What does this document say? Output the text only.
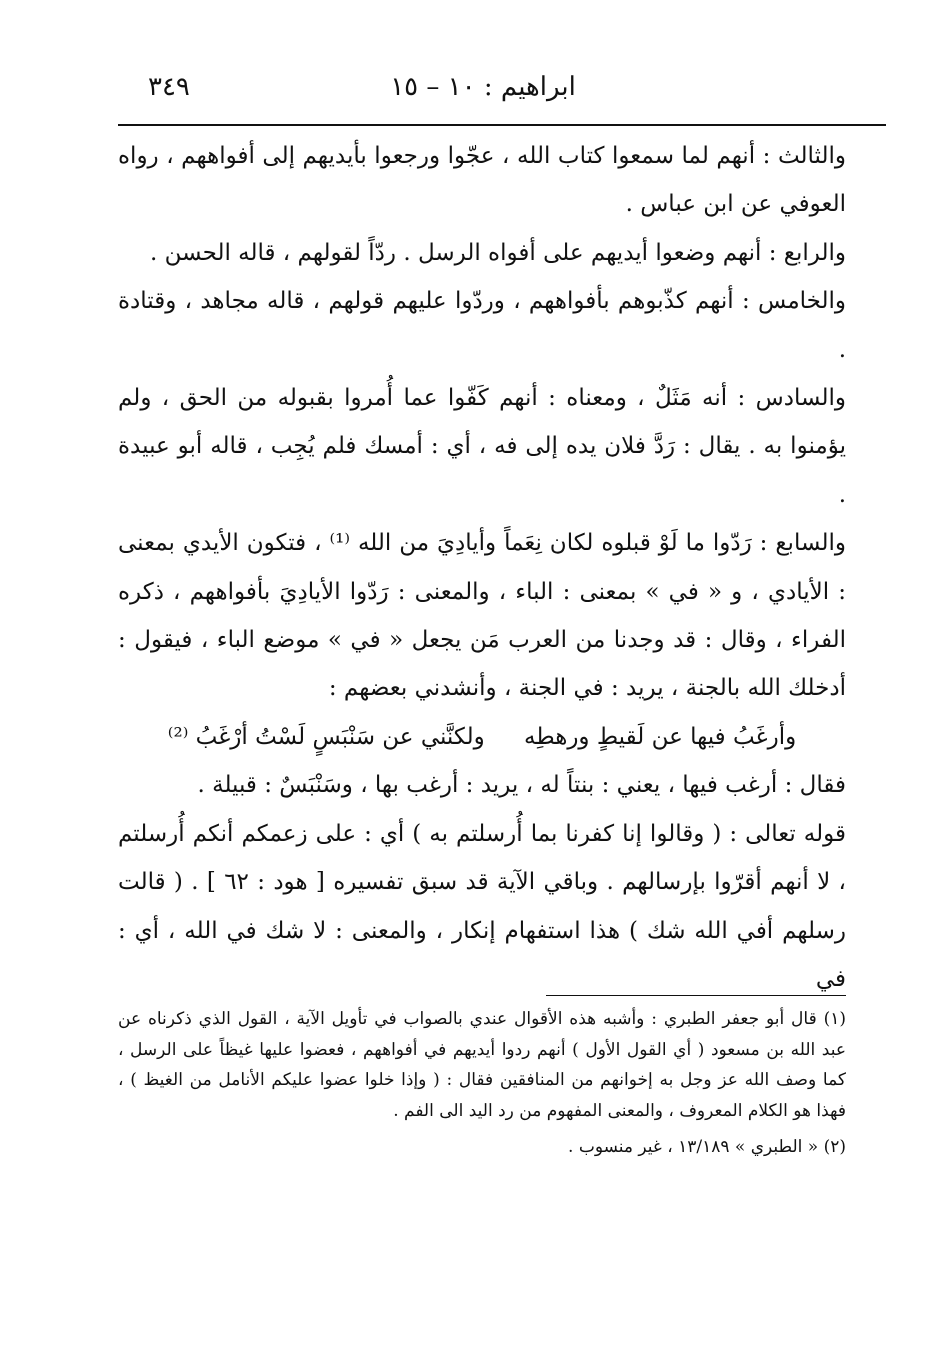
ابراهيم : ١٠ – ١٥
٣٤٩

والثالث : أنهم لما سمعوا كتاب الله ، عجّوا ورجعوا بأيديهم إلى أفواههم ، رواه العوفي عن ابن عباس .

والرابع : أنهم وضعوا أيديهم على أفواه الرسل . ردّاً لقولهم ، قاله الحسن .

والخامس : أنهم كذّبوهم بأفواههم ، وردّوا عليهم قولهم ، قاله مجاهد ، وقتادة .

والسادس : أنه مَثَلٌ ، ومعناه : أنهم كَفّوا عما أُمروا بقبوله من الحق ، ولم يؤمنوا به . يقال : رَدَّ فلان يده إلى فه ، أي : أمسك فلم يُجِب ، قاله أبو عبيدة .

والسابع : رَدّوا ما لَوْ قبلوه لكان نِعَماً وأيادِيَ من الله ⁽¹⁾ ، فتكون الأيدي بمعنى : الأيادي ، و « في » بمعنى : الباء ، والمعنى : رَدّوا الأيادِيَ بأفواههم ، ذكره الفراء ، وقال : قد وجدنا من العرب مَن يجعل « في » موضع الباء ، فيقول : أدخلك الله بالجنة ، يريد : في الجنة ، وأنشدني بعضهم :

وأرغَبُ فيها عن لَقيطٍ ورهطِه ولكنَّني عن سَنْبَسٍ لَسْتُ أرْغَبُ ⁽²⁾

فقال : أرغب فيها ، يعني : بنتاً له ، يريد : أرغب بها ، وسَنْبَسٌ : قبيلة .

قوله تعالى : ( وقالوا إنا كفرنا بما أُرسلتم به ) أي : على زعمكم أنكم أُرسلتم ، لا أنهم أقرّوا بإرسالهم . وباقي الآية قد سبق تفسيره [ هود : ٦٢ ] . ( قالت رسلهم أفي الله شك ) هذا استفهام إنكار ، والمعنى : لا شك في الله ، أي : في

(١) قال أبو جعفر الطبري : وأشبه هذه الأقوال عندي بالصواب في تأويل الآية ، القول الذي ذكرناه عن عبد الله بن مسعود ( أي القول الأول ) أنهم ردوا أيديهم في أفواههم ، فعضوا عليها غيظاً على الرسل ، كما وصف الله عز وجل به إخوانهم من المنافقين فقال : ( وإذا خلوا عضوا عليكم الأنامل من الغيظ ) ، فهذا هو الكلام المعروف ، والمعنى المفهوم من رد اليد الى الفم .

(٢) « الطبري » ١٣/١٨٩ ، غير منسوب .
